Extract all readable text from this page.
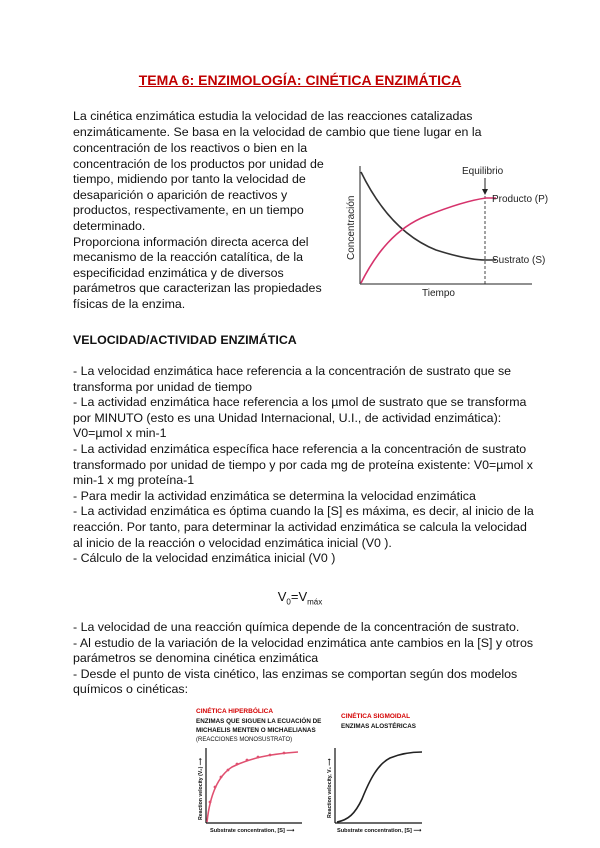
TEMA 6: ENZIMOLOGÍA: CINÉTICA ENZIMÁTICA
La cinética enzimática estudia la velocidad de las reacciones catalizadas
enzimáticamente. Se basa en la velocidad de cambio que tiene lugar en la
concentración de los reactivos o bien en la
concentración de los productos por unidad de
tiempo, midiendo por tanto la velocidad de
desaparición o aparición de reactivos y
productos, respectivamente, en un tiempo
determinado.
Proporciona información directa acerca del
mecanismo de la reacción catalítica, de la
especificidad enzimática y de diversos
parámetros que caracterizan las propiedades
físicas de la enzima.
Equilibrio
Concentración
Tiempo
Producto (P)
Sustrato (S)
VELOCIDAD/ACTIVIDAD ENZIMÁTICA
- La velocidad enzimática hace referencia a la concentración de sustrato que se
transforma por unidad de tiempo
- La actividad enzimática hace referencia a los µmol de sustrato que se transforma
por MINUTO (esto es una Unidad Internacional, U.I., de actividad enzimática):
V0=µmol x min-1
- La actividad enzimática específica hace referencia a la concentración de sustrato
transformado por unidad de tiempo y por cada mg de proteína existente: V0=µmol x
min-1 x mg proteína-1
- Para medir la actividad enzimática se determina la velocidad enzimática
- La actividad enzimática es óptima cuando la [S] es máxima, es decir, al inicio de la
reacción. Por tanto, para determinar la actividad enzimática se calcula la velocidad
al inicio de la reacción o velocidad enzimática inicial (V0 ).
- Cálculo de la velocidad enzimática inicial (V0 )
$V_0=V_{máx}$
- La velocidad de una reacción química depende de la concentración de sustrato.
- Al estudio de la variación de la velocidad enzimática ante cambios en la [S] y otros
parámetros se denomina cinética enzimática
- Desde el punto de vista cinético, las enzimas se comportan según dos modelos
químicos o cinéticas:
CINÉTICA HIPERBÓLICA
ENZIMAS QUE SIGUEN LA ECUACIÓN DE
MICHAELIS MENTEN O MICHAELIANAS
(REACCIONES MONOSUSTRATO)
CINÉTICA SIGMOIDAL
ENZIMAS ALOSTÉRICAS
Reaction velocity (V₀) ⟶
Substrate concentration, [S] ⟶
Reaction velocity, V₀ ⟶
Substrate concentration, [S] ⟶
